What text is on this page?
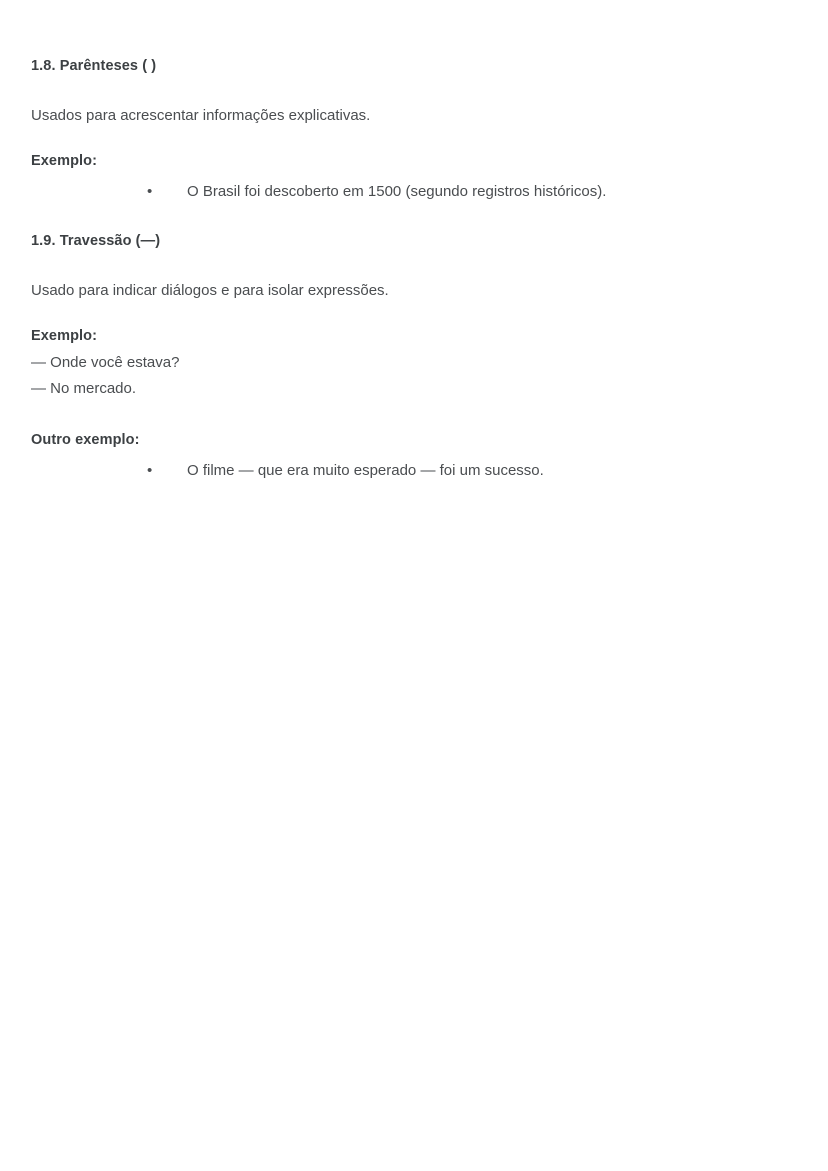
1.8. Parênteses ( )

Usados para acrescentar informações explicativas.

Exemplo:

•	O Brasil foi descoberto em 1500 (segundo registros históricos).
1.9. Travessão (—)

Usado para indicar diálogos e para isolar expressões.

Exemplo:

— Onde você estava?

— No mercado.

Outro exemplo:

•	O filme — que era muito esperado — foi um sucesso.
